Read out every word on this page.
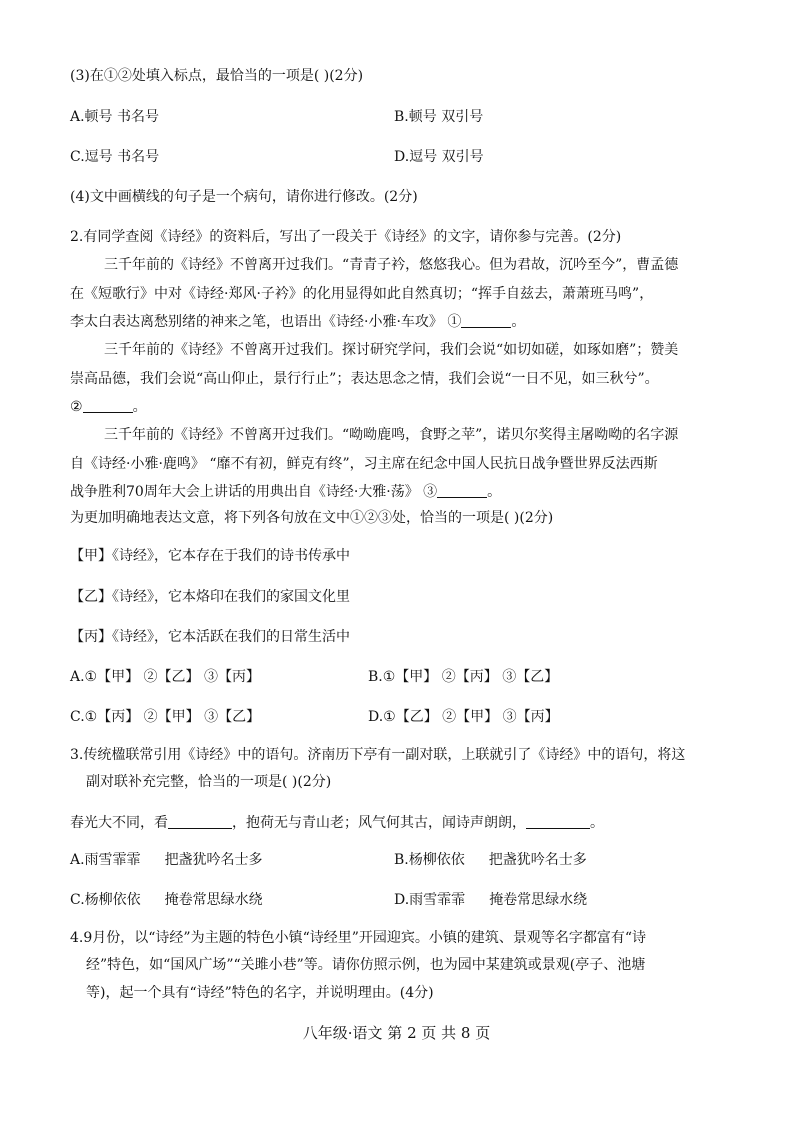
(3)在①②处填入标点，最恰当的一项是( )(2分)
A.顿号 书名号	B.顿号 双引号
C.逗号 书名号	D.逗号 双引号
(4)文中画横线的句子是一个病句，请你进行修改。(2分)
2.有同学查阅《诗经》的资料后，写出了一段关于《诗经》的文字，请你参与完善。(2分)
三千年前的《诗经》不曾离开过我们。“青青子衿，悠悠我心。但为君故，沉吟至今”，曹孟德
在《短歌行》中对《诗经·郑风·子衿》的化用显得如此自然真切；“挥手自兹去，萧萧班马鸣”，
李太白表达离愁别绪的神来之笔，也语出《诗经·小雅·车攻》 ①	。
三千年前的《诗经》不曾离开过我们。探讨研究学问，我们会说“如切如磋，如琢如磨”；赞美
崇高品德，我们会说“高山仰止，景行行止”；表达思念之情，我们会说“一日不见，如三秋兮”。
②	。
三千年前的《诗经》不曾离开过我们。“呦呦鹿鸣，食野之苹”，诺贝尔奖得主屠呦呦的名字源
自《诗经·小雅·鹿鸣》 “靡不有初，鲜克有终”，习主席在纪念中国人民抗日战争暨世界反法西斯
战争胜利70周年大会上讲话的用典出自《诗经·大雅·荡》 ③	。
为更加明确地表达文意，将下列各句放在文中①②③处，恰当的一项是( )(2分)
【甲】《诗经》，它本存在于我们的诗书传承中
【乙】《诗经》，它本烙印在我们的家国文化里
【丙】《诗经》，它本活跃在我们的日常生活中
A.①【甲】 ②【乙】 ③【丙】	B.①【甲】 ②【丙】 ③【乙】
C.①【丙】 ②【甲】 ③【乙】	D.①【乙】 ②【甲】 ③【丙】
3.传统楹联常引用《诗经》中的语句。济南历下亭有一副对联，上联就引了《诗经》中的语句，将这
副对联补充完整，恰当的一项是( )(2分)
春光大不同，看	，抱荷无与青山老；风气何其古，闻诗声朗朗，	。
A.雨雪霏霏 把盏犹吟名士多	B.杨柳依依 把盏犹吟名士多
C.杨柳依依 掩卷常思绿水绕	D.雨雪霏霏 掩卷常思绿水绕
4.9月份，以“诗经”为主题的特色小镇“诗经里”开园迎宾。小镇的建筑、景观等名字都富有“诗
经”特色，如“国风广场”“关雎小巷”等。请你仿照示例，也为园中某建筑或景观(亭子、池塘
等)，起一个具有“诗经”特色的名字，并说明理由。(4分)
八年级·语文 第 2 页 共 8 页
